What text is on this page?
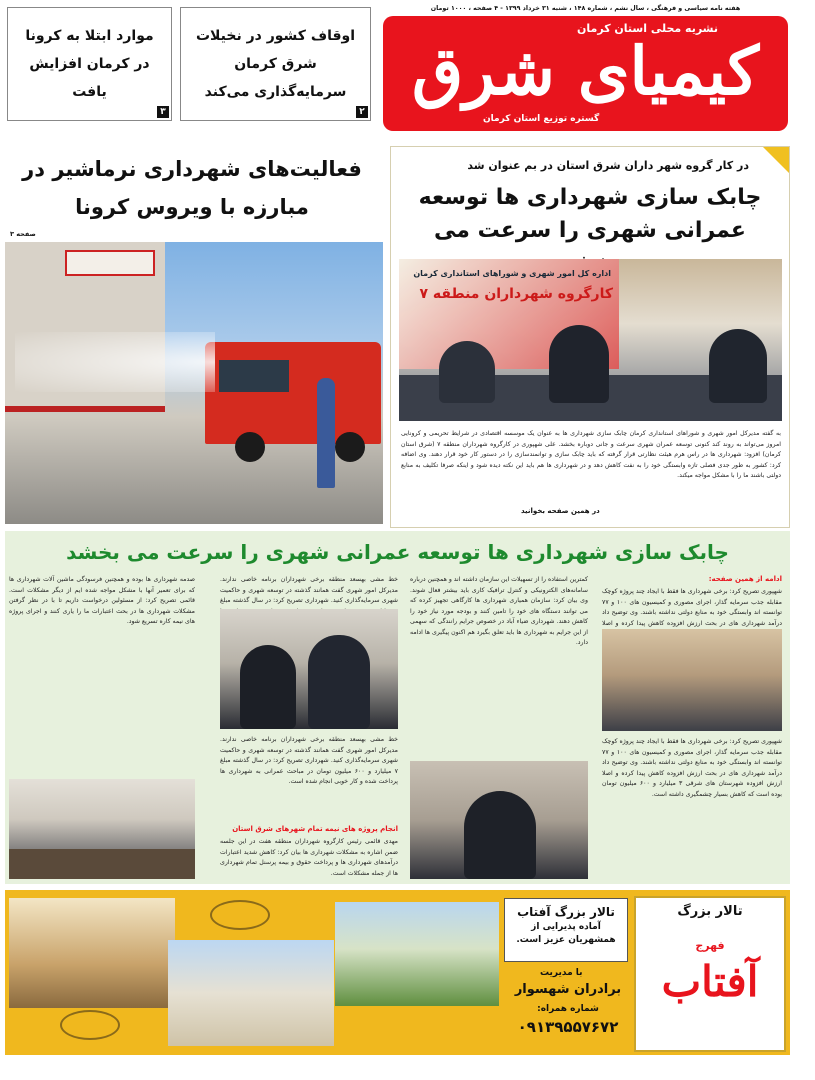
اوقاف کشور در نخیلات شرق کرمان سرمایه‌گذاری می‌کند
۲
موارد ابتلا به کرونا در کرمان افزایش یافت
۳
هفته نامه سیاسی و فرهنگی ، سال نشم ، شماره ۱۴۸ ، شنبه ۳۱ خرداد ۱۳۹۹ - ۴ صفحه ، ۱۰۰۰ تومان
نشریه محلی استان کرمان
کیمیای شرق
گستره توزیع استان کرمان
در کار گروه شهر داران شرق استان در بم عنوان شد
چابک سازی شهرداری ها توسعه عمرانی شهری را سرعت می
اداره کل امور شهری و شوراهای استانداری کرمان
کارگروه شهرداران منطقه ۷
به گفته مدیرکل امور شهری و شوراهای استانداری کرمان چابک سازی شهرداری ها به عنوان یک موسسه اقتصادی در شرایط تحریمی و کرونایی امروز می‌تواند به روند کند کنونی توسعه عمران شهری سرعت و جانی دوباره بخشد. علی شهپوری در کارگروه شهرداران منطقه ۷ (شرق استان کرمان) افزود: شهرداری ها در راس هرم هیئت نظارتی قرار گرفته که باید چابک سازی و توانمندسازی را در دستور کار خود قرار دهند. وی اضافه کرد: کشور به طور جدی فصلی تازه وابستگی خود را به نفت کاهش دهد و در شهرداری ها هم باید این نکته دیده شود و اینکه صرفا تکلیف به منابع دولتی باشند ما را با مشکل مواجه میکند.
در همین صفحه بخوانید
فعالیت‌های شهرداری نرماشیر در مبارزه با ویروس کرونا
صفحه ۳
چابک سازی شهرداری ها توسعه عمرانی شهری را سرعت می بخشد
ادامه از همین صفحه:
شهپوری تصریح کرد: برخی شهرداری ها فقط با ایجاد چند پروژه کوچک مقابله جذب سرمایه گذار، اجرای مصوری و کمیسیون های ۱۰۰ و ۷۷ توانسته اند وابستگی خود به منابع دولتی نداشته باشند. وی توضیح داد درآمد شهرداری های در بحث ارزش افزوده کاهش پیدا کرده و اصلا
شهپوری تصریح کرد: برخی شهرداری ها فقط با ایجاد چند پروژه کوچک مقابله جذب سرمایه گذار، اجرای مصوری و کمیسیون های ۱۰۰ و ۷۷ توانسته اند وابستگی خود به منابع دولتی نداشته باشند. وی توضیح داد درآمد شهرداری های در بحث ارزش افزوده کاهش پیدا کرده و اصلا ارزش افزوده شهرستان های شرقی ۳ میلیارد و ۶۰۰ میلیون تومان بوده است که کاهش بسیار چشمگیری داشته است.
کمترین استفاده را از تسهیلات این سازمان داشته اند و همچنین درباره سامانه‌های الکترونیکی و کنترل ترافیک کاری باید بیشتر فعال شوند. وی بیان کرد: سازمان همیاری شهرداری ها کارگاهی تجهیز کرده که می توانند دستگاه های خود را تامین کنند و بودجه مورد نیاز خود را کاهش دهند. شهرداری ضیاء آباد در خصوص جرایم رانندگی که سهمی از این جرایم به شهرداری ها باید تعلق بگیرد هم اکنون پیگیری ها ادامه دارد.
خط مشی بهسعد منطقه برخی شهرداران برنامه خاصی ندارند. مدیرکل امور شهری گفت همانند گذشته در توسعه شهری و حاکمیت شهری سرمایه‌گذاری کنید. شهرداری تصریح کرد: در سال گذشته مبلغ
خط مشی بهسعد منطقه برخی شهرداران برنامه خاصی ندارند. مدیرکل امور شهری گفت همانند گذشته در توسعه شهری و حاکمیت شهری سرمایه‌گذاری کنید. شهرداری تصریح کرد: در سال گذشته مبلغ ۷ میلیارد و ۶۰۰ میلیون تومان در مباحث عمرانی به شهرداری ها پرداخت شده و کار خوبی انجام شده است.
انجام پروژه های نیمه تمام شهرهای شرق استان
مهدی قائمی رئیس کارگروه شهرداران منطقه هفت در این جلسه ضمن اشاره به مشکلات شهرداری ها بیان کرد: کاهش شدید اعتبارات درآمدهای شهرداری ها و پرداخت حقوق و بیمه پرسنل تمام شهرداری ها از جمله مشکلات است.
صدمه شهرداری ها بوده و همچنین فرسودگی ماشین آلات شهرداری ها که برای تعمیر آنها با مشکل مواجه شده ایم از دیگر مشکلات است. قائمی تصریح کرد: از مسئولین درخواست داریم تا با در نظر گرفتن مشکلات شهرداری ها در بحث اعتبارات ما را یاری کنند و اجرای پروژه های نیمه کاره تسریع شود.
تالار بزرگ آفتاب
آماده پذیرایی از همشهریان عزیز است.
با مدیریت
برادران شهسوار
شماره همراه:
۰۹۱۳۹۵۵۷۶۷۲
تالار بزرگ
فهرج
آفتاب
